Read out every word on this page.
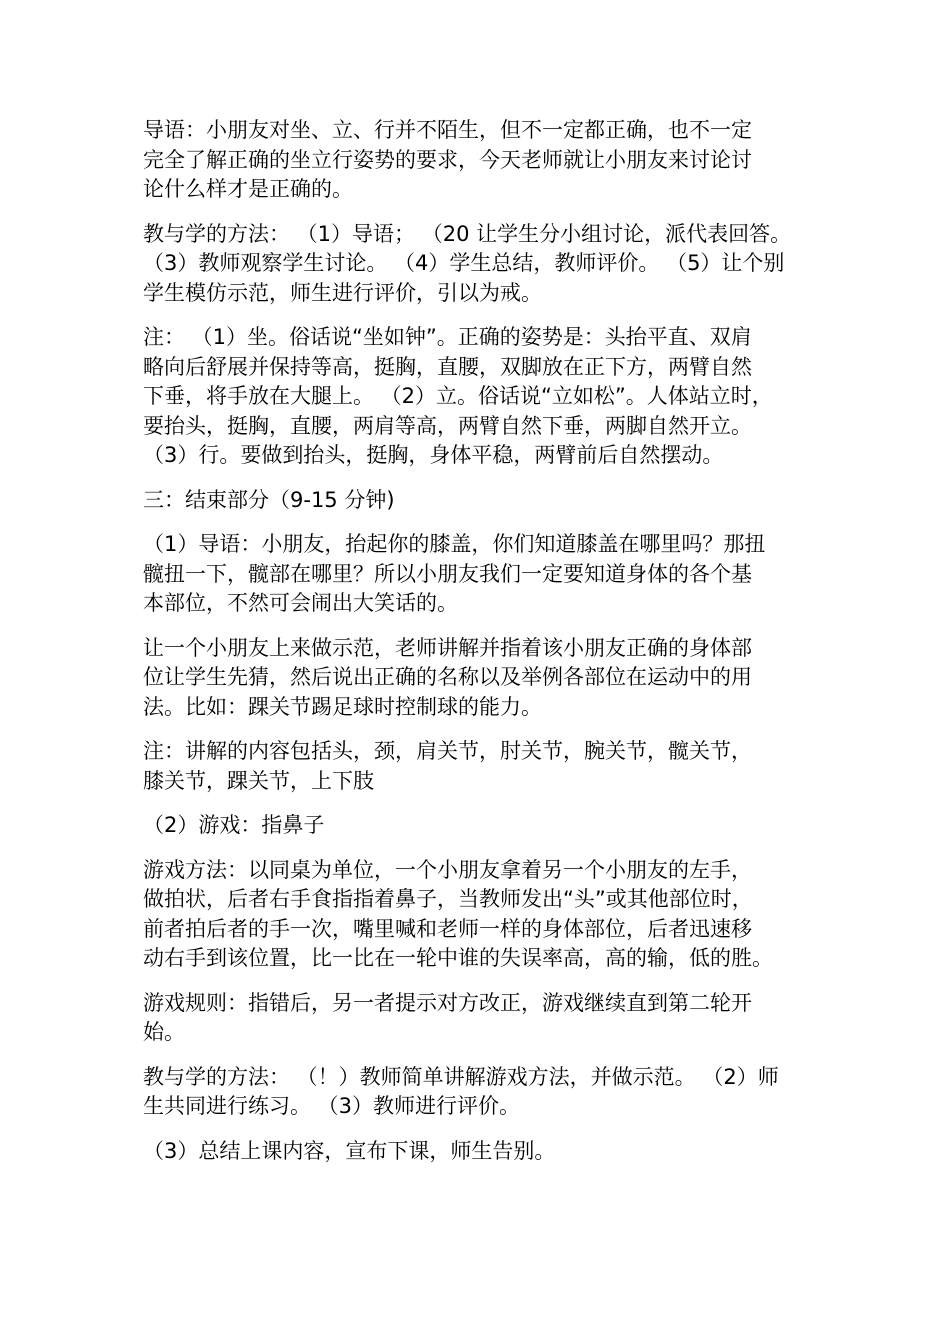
导语：小朋友对坐、立、行并不陌生，但不一定都正确，也不一定
完全了解正确的坐立行姿势的要求，今天老师就让小朋友来讨论讨
论什么样才是正确的。

教与学的方法： （1）导语； （20 让学生分小组讨论，派代表回答。
（3）教师观察学生讨论。 （4）学生总结，教师评价。 （5）让个别
学生模仿示范，师生进行评价，引以为戒。

注： （1）坐。俗话说“坐如钟”。正确的姿势是：头抬平直、双肩
略向后舒展并保持等高，挺胸，直腰，双脚放在正下方，两臂自然
下垂，将手放在大腿上。 （2）立。俗话说“立如松”。人体站立时，
要抬头，挺胸，直腰，两肩等高，两臂自然下垂，两脚自然开立。
（3）行。要做到抬头，挺胸，身体平稳，两臂前后自然摆动。

三：结束部分（9-15 分钟)

（1）导语：小朋友，抬起你的膝盖，你们知道膝盖在哪里吗？那扭
髋扭一下，髋部在哪里？所以小朋友我们一定要知道身体的各个基
本部位，不然可会闹出大笑话的。

让一个小朋友上来做示范，老师讲解并指着该小朋友正确的身体部
位让学生先猜，然后说出正确的名称以及举例各部位在运动中的用
法。比如：踝关节踢足球时控制球的能力。

注：讲解的内容包括头，颈，肩关节，肘关节，腕关节，髋关节，
膝关节，踝关节，上下肢

（2）游戏：指鼻子

游戏方法：以同桌为单位，一个小朋友拿着另一个小朋友的左手，
做拍状，后者右手食指指着鼻子，当教师发出“头”或其他部位时，
前者拍后者的手一次，嘴里喊和老师一样的身体部位，后者迅速移
动右手到该位置，比一比在一轮中谁的失误率高，高的输，低的胜。

游戏规则：指错后，另一者提示对方改正，游戏继续直到第二轮开
始。

教与学的方法： （！）教师简单讲解游戏方法，并做示范。 （2）师
生共同进行练习。 （3）教师进行评价。

（3）总结上课内容，宣布下课，师生告别。
